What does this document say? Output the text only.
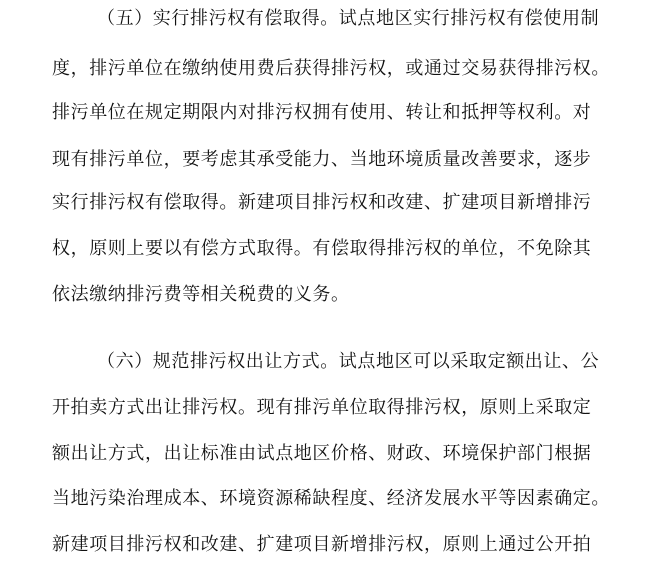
（五）实行排污权有偿取得。试点地区实行排污权有偿使用制
度，排污单位在缴纳使用费后获得排污权，或通过交易获得排污权。
排污单位在规定期限内对排污权拥有使用、转让和抵押等权利。对
现有排污单位，要考虑其承受能力、当地环境质量改善要求，逐步
实行排污权有偿取得。新建项目排污权和改建、扩建项目新增排污
权，原则上要以有偿方式取得。有偿取得排污权的单位，不免除其
依法缴纳排污费等相关税费的义务。
（六）规范排污权出让方式。试点地区可以采取定额出让、公
开拍卖方式出让排污权。现有排污单位取得排污权，原则上采取定
额出让方式，出让标准由试点地区价格、财政、环境保护部门根据
当地污染治理成本、环境资源稀缺程度、经济发展水平等因素确定。
新建项目排污权和改建、扩建项目新增排污权，原则上通过公开拍
